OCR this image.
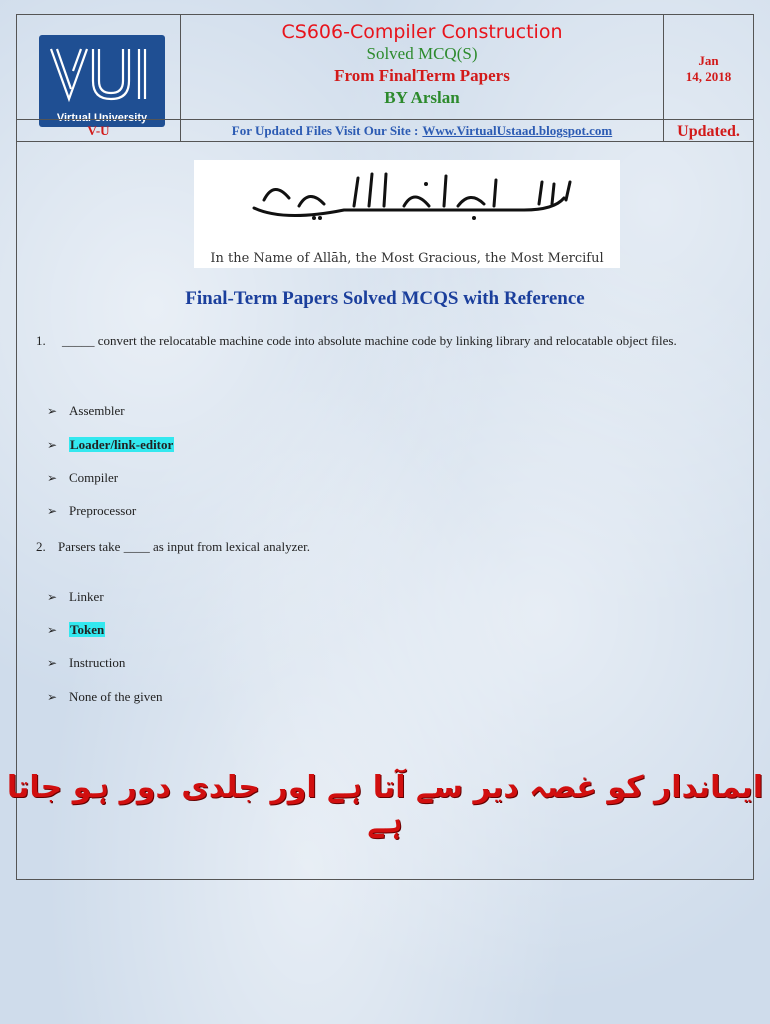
Virtual University
CS606-Compiler Construction
Solved MCQ(S)
From FinalTerm Papers
BY Arslan
Jan
14, 2018
V-U	For Updated Files Visit Our Site : Www.VirtualUstaad.blogspot.com	Updated.
In the Name of Allāh, the Most Gracious, the Most Merciful
Final-Term Papers Solved MCQS with Reference
1. _____ convert the relocatable machine code into absolute machine code by linking library and relocatable object files.
➢ Assembler
➢ Loader/link-editor
➢ Compiler
➢ Preprocessor
2. Parsers take ____ as input from lexical analyzer.
➢ Linker
➢ Token
➢ Instruction
➢ None of the given
ایماندار کو غصہ دیر سے آتا ہے اور جلدی دور ہو جاتا ہے
